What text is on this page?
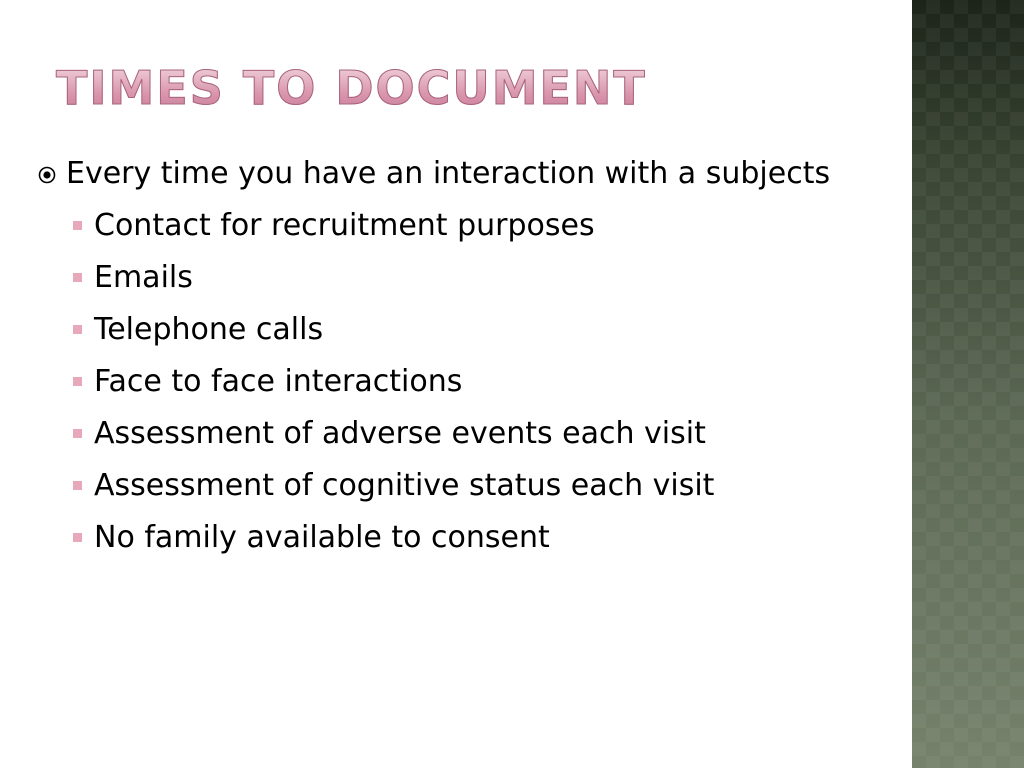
TIMES TO DOCUMENT
Every time you have an interaction with a subjects
Contact for recruitment purposes
Emails
Telephone calls
Face to face interactions
Assessment of adverse events each visit
Assessment of cognitive status each visit
No family available to consent
